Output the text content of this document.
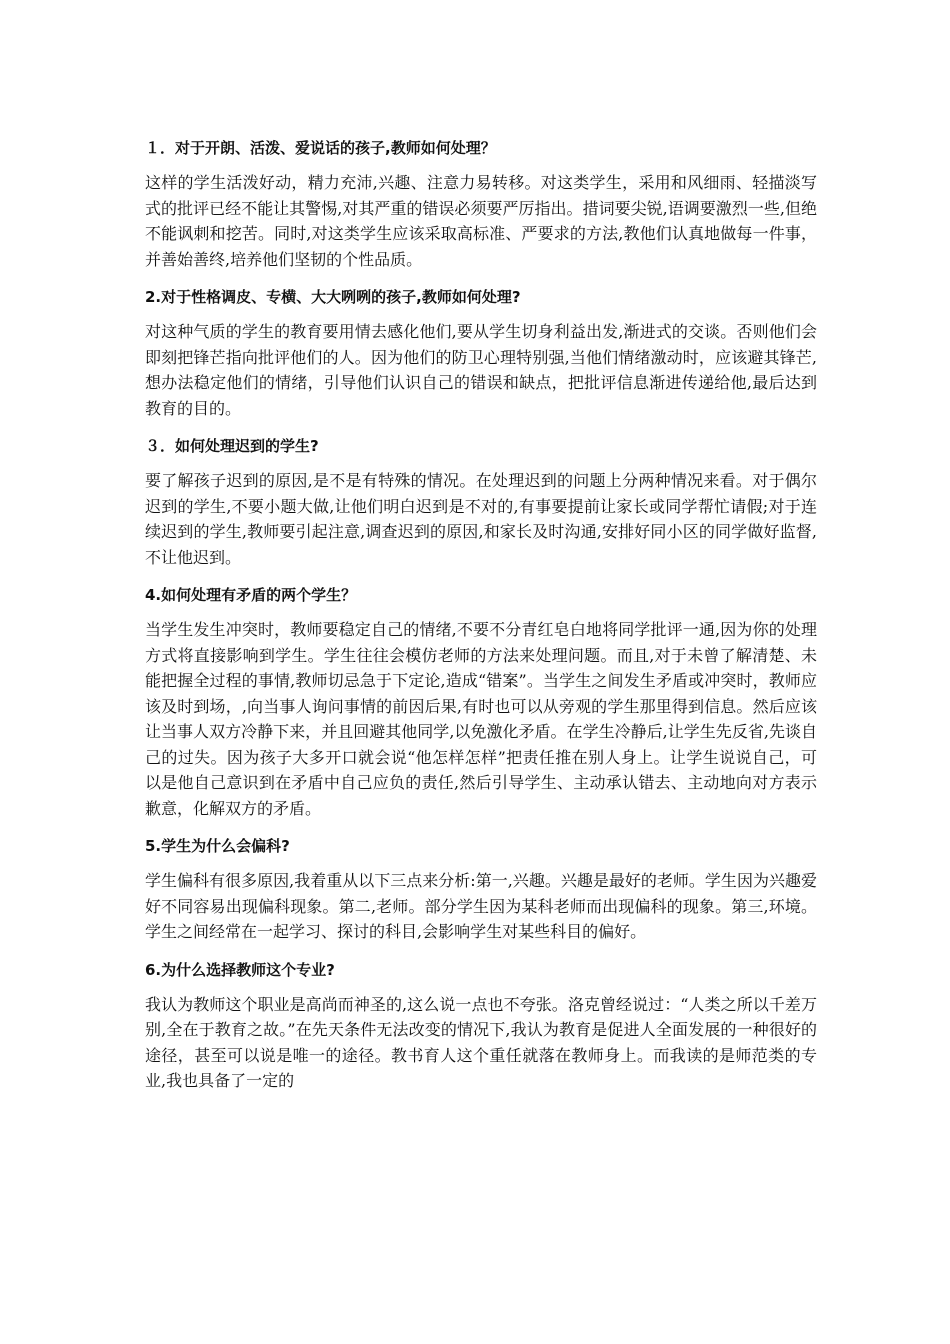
１．对于开朗、活泼、爱说话的孩子,教师如何处理？
这样的学生活泼好动，精力充沛,兴趣、注意力易转移。对这类学生，采用和风细雨、轻描淡写式的批评已经不能让其警惕,对其严重的错误必须要严厉指出。措词要尖锐,语调要激烈一些,但绝不能讽刺和挖苦。同时,对这类学生应该采取高标准、严要求的方法,教他们认真地做每一件事，并善始善终,培养他们坚韧的个性品质。
2.对于性格调皮、专横、大大咧咧的孩子,教师如何处理?
对这种气质的学生的教育要用情去感化他们,要从学生切身利益出发,渐进式的交谈。否则他们会即刻把锋芒指向批评他们的人。因为他们的防卫心理特别强,当他们情绪激动时，应该避其锋芒,想办法稳定他们的情绪，引导他们认识自己的错误和缺点，把批评信息渐进传递给他,最后达到教育的目的。
３．如何处理迟到的学生?
要了解孩子迟到的原因,是不是有特殊的情况。在处理迟到的问题上分两种情况来看。对于偶尔迟到的学生,不要小题大做,让他们明白迟到是不对的,有事要提前让家长或同学帮忙请假;对于连续迟到的学生,教师要引起注意,调查迟到的原因,和家长及时沟通,安排好同小区的同学做好监督,不让他迟到。
4.如何处理有矛盾的两个学生？
当学生发生冲突时，教师要稳定自己的情绪,不要不分青红皂白地将同学批评一通,因为你的处理方式将直接影响到学生。学生往往会模仿老师的方法来处理问题。而且,对于未曾了解清楚、未能把握全过程的事情,教师切忌急于下定论,造成“错案”。当学生之间发生矛盾或冲突时，教师应该及时到场，,向当事人询问事情的前因后果,有时也可以从旁观的学生那里得到信息。然后应该让当事人双方冷静下来，并且回避其他同学,以免激化矛盾。在学生冷静后,让学生先反省,先谈自己的过失。因为孩子大多开口就会说“他怎样怎样”把责任推在别人身上。让学生说说自己，可以是他自己意识到在矛盾中自己应负的责任,然后引导学生、主动承认错去、主动地向对方表示歉意，化解双方的矛盾。
5.学生为什么会偏科?
学生偏科有很多原因,我着重从以下三点来分析:第一,兴趣。兴趣是最好的老师。学生因为兴趣爱好不同容易出现偏科现象。第二,老师。部分学生因为某科老师而出现偏科的现象。第三,环境。学生之间经常在一起学习、探讨的科目,会影响学生对某些科目的偏好。
6.为什么选择教师这个专业?
我认为教师这个职业是高尚而神圣的,这么说一点也不夸张。洛克曾经说过：“人类之所以千差万别,全在于教育之故。”在先天条件无法改变的情况下,我认为教育是促进人全面发展的一种很好的途径，甚至可以说是唯一的途径。教书育人这个重任就落在教师身上。而我读的是师范类的专业,我也具备了一定的
